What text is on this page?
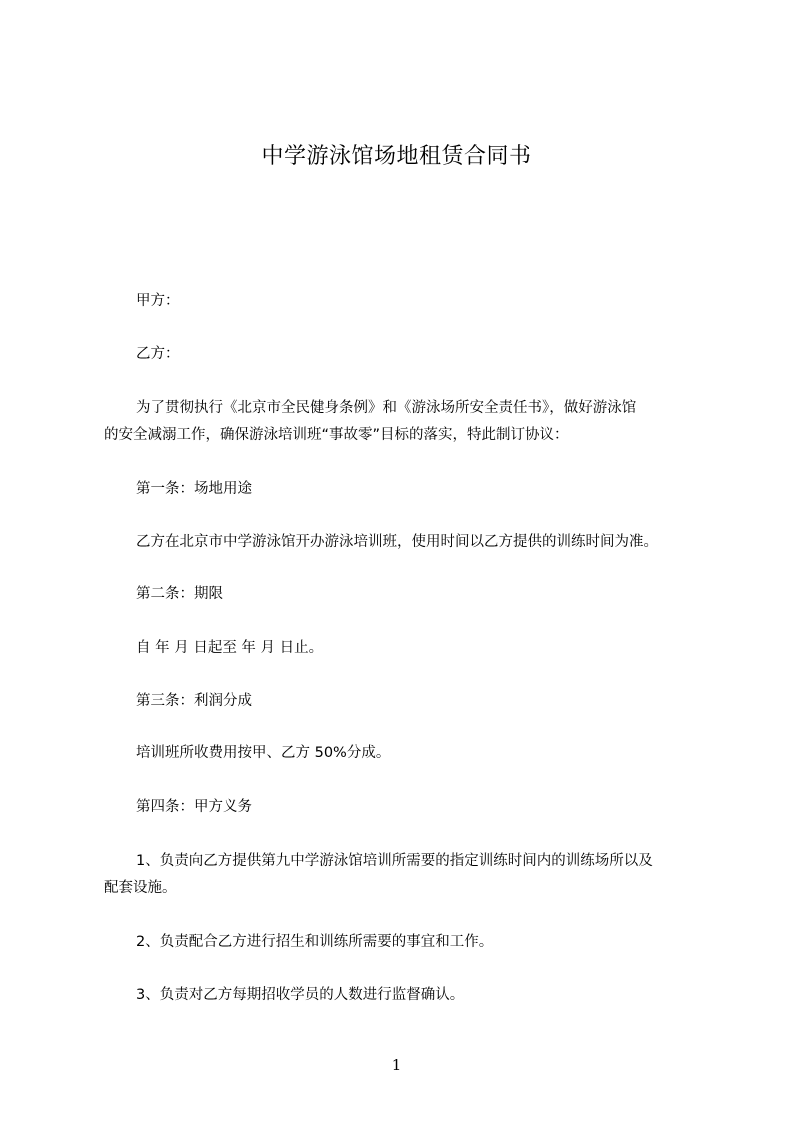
中学游泳馆场地租赁合同书
甲方：
乙方：
为了贯彻执行《北京市全民健身条例》和《游泳场所安全责任书》，做好游泳馆
的安全减溺工作，确保游泳培训班“事故零”目标的落实，特此制订协议：
第一条：场地用途
乙方在北京市中学游泳馆开办游泳培训班，使用时间以乙方提供的训练时间为准。
第二条：期限
自 年 月 日起至 年 月 日止。
第三条：利润分成
培训班所收费用按甲、乙方 50%分成。
第四条：甲方义务
1、负责向乙方提供第九中学游泳馆培训所需要的指定训练时间内的训练场所以及
配套设施。
2、负责配合乙方进行招生和训练所需要的事宜和工作。
3、负责对乙方每期招收学员的人数进行监督确认。
1
